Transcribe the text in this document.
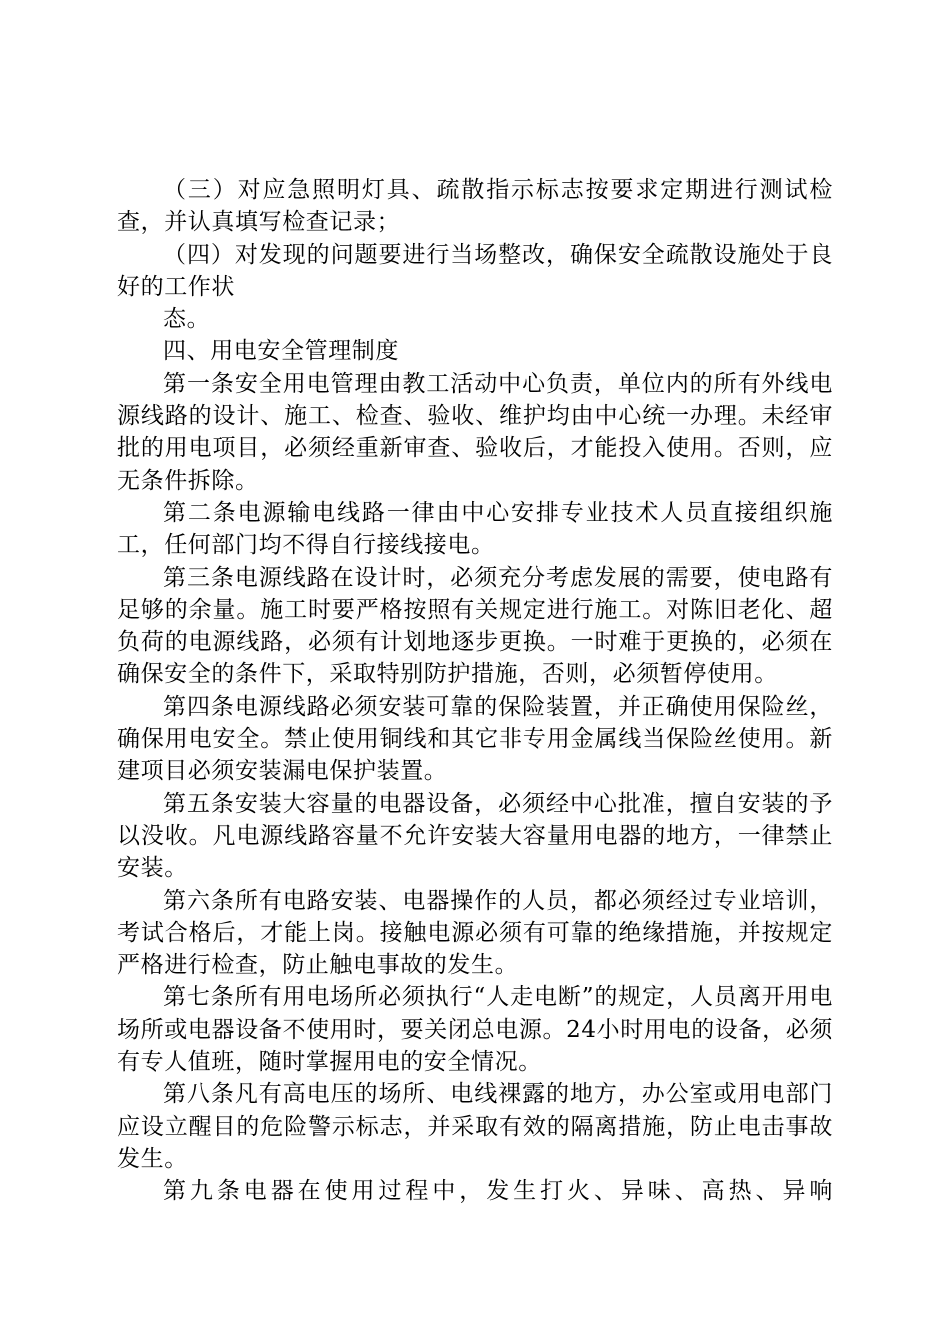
（三）对应急照明灯具、疏散指示标志按要求定期进行测试检查，并认真填写检查记录；

（四）对发现的问题要进行当场整改，确保安全疏散设施处于良好的工作状

态。

四、用电安全管理制度

第一条安全用电管理由教工活动中心负责，单位内的所有外线电源线路的设计、施工、检查、验收、维护均由中心统一办理。未经审批的用电项目，必须经重新审查、验收后，才能投入使用。否则，应无条件拆除。

第二条电源输电线路一律由中心安排专业技术人员直接组织施工，任何部门均不得自行接线接电。

第三条电源线路在设计时，必须充分考虑发展的需要，使电路有足够的余量。施工时要严格按照有关规定进行施工。对陈旧老化、超负荷的电源线路，必须有计划地逐步更换。一时难于更换的，必须在确保安全的条件下，采取特别防护措施，否则，必须暂停使用。

第四条电源线路必须安装可靠的保险装置，并正确使用保险丝，确保用电安全。禁止使用铜线和其它非专用金属线当保险丝使用。新建项目必须安装漏电保护装置。

第五条安装大容量的电器设备，必须经中心批准，擅自安装的予以没收。凡电源线路容量不允许安装大容量用电器的地方，一律禁止安装。

第六条所有电路安装、电器操作的人员，都必须经过专业培训，考试合格后，才能上岗。接触电源必须有可靠的绝缘措施，并按规定严格进行检查，防止触电事故的发生。

第七条所有用电场所必须执行“人走电断”的规定，人员离开用电场所或电器设备不使用时，要关闭总电源。24小时用电的设备，必须有专人值班，随时掌握用电的安全情况。

第八条凡有高电压的场所、电线裸露的地方，办公室或用电部门应设立醒目的危险警示标志，并采取有效的隔离措施，防止电击事故发生。

第九条电器在使用过程中，发生打火、异味、高热、异响
